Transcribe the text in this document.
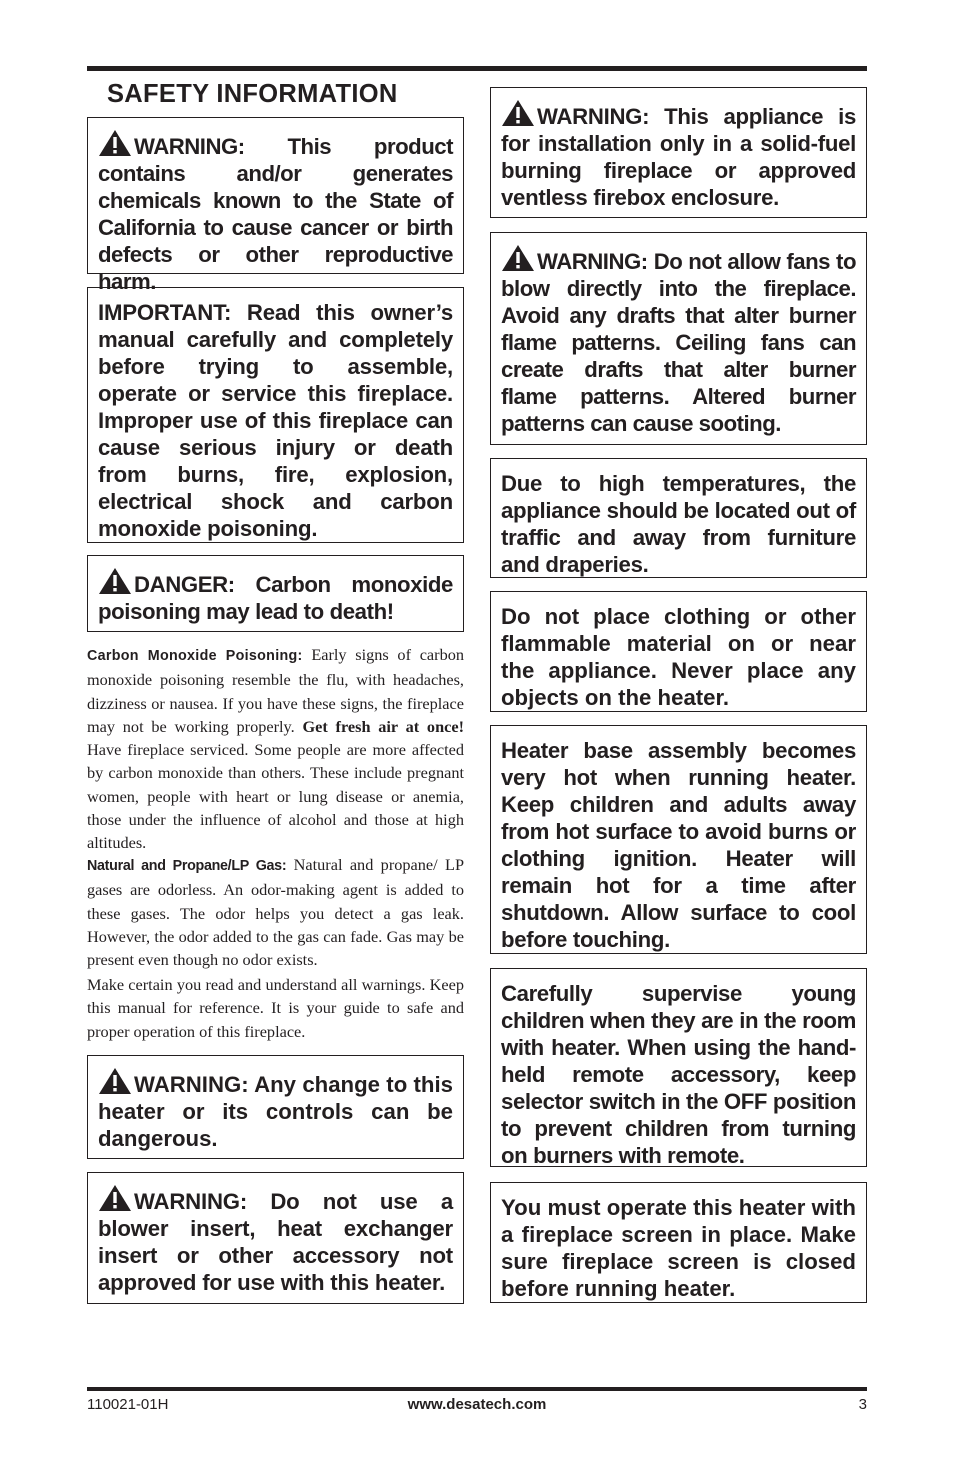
SAFETY INFORMATION
WARNING: This product contains and/or generates chemicals known to the State of California to cause cancer or birth defects or other reproductive harm.
IMPORTANT: Read this owner’s manual carefully and completely before trying to assemble, operate or service this fireplace. Improper use of this fireplace can cause serious injury or death from burns, fire, explosion, electrical shock and carbon monoxide poisoning.
DANGER: Carbon monoxide poisoning may lead to death!

Carbon Monoxide Poisoning: Early signs of carbon monoxide poisoning resemble the flu, with headaches, dizziness or nausea. If you have these signs, the fireplace may not be working properly. Get fresh air at once! Have fireplace serviced. Some people are more affected by carbon monoxide than others. These include pregnant women, people with heart or lung disease or anemia, those under the influence of alcohol and those at high altitudes.

Natural and Propane/LP Gas: Natural and propane/ LP gases are odorless. An odor-making agent is added to these gases. The odor helps you detect a gas leak. However, the odor added to the gas can fade. Gas may be present even though no odor exists.

Make certain you read and understand all warnings. Keep this manual for reference. It is your guide to safe and proper operation of this fireplace.

WARNING: Any change to this heater or its controls can be dangerous.
WARNING: Do not use a blower insert, heat exchanger insert or other accessory not approved for use with this heater.
WARNING: This appliance is for installation only in a solid-fuel burning fireplace or approved ventless firebox enclosure.
WARNING: Do not allow fans to blow directly into the fireplace. Avoid any drafts that alter burner flame patterns. Ceiling fans can create drafts that alter burner flame patterns. Altered burner patterns can cause sooting.
Due to high temperatures, the appliance should be located out of traffic and away from furniture and draperies.
Do not place clothing or other flammable material on or near the appliance. Never place any objects on the heater.
Heater base assembly becomes very hot when running heater. Keep children and adults away from hot surface to avoid burns or clothing ignition. Heater will remain hot for a time after shutdown. Allow surface to cool before touching.
Carefully supervise young children when they are in the room with heater. When using the hand-held remote accessory, keep selector switch in the OFF position to prevent children from turning on burners with remote.
You must operate this heater with a fireplace screen in place. Make sure fireplace screen is closed before running heater.
110021-01H	www.desatech.com	3
